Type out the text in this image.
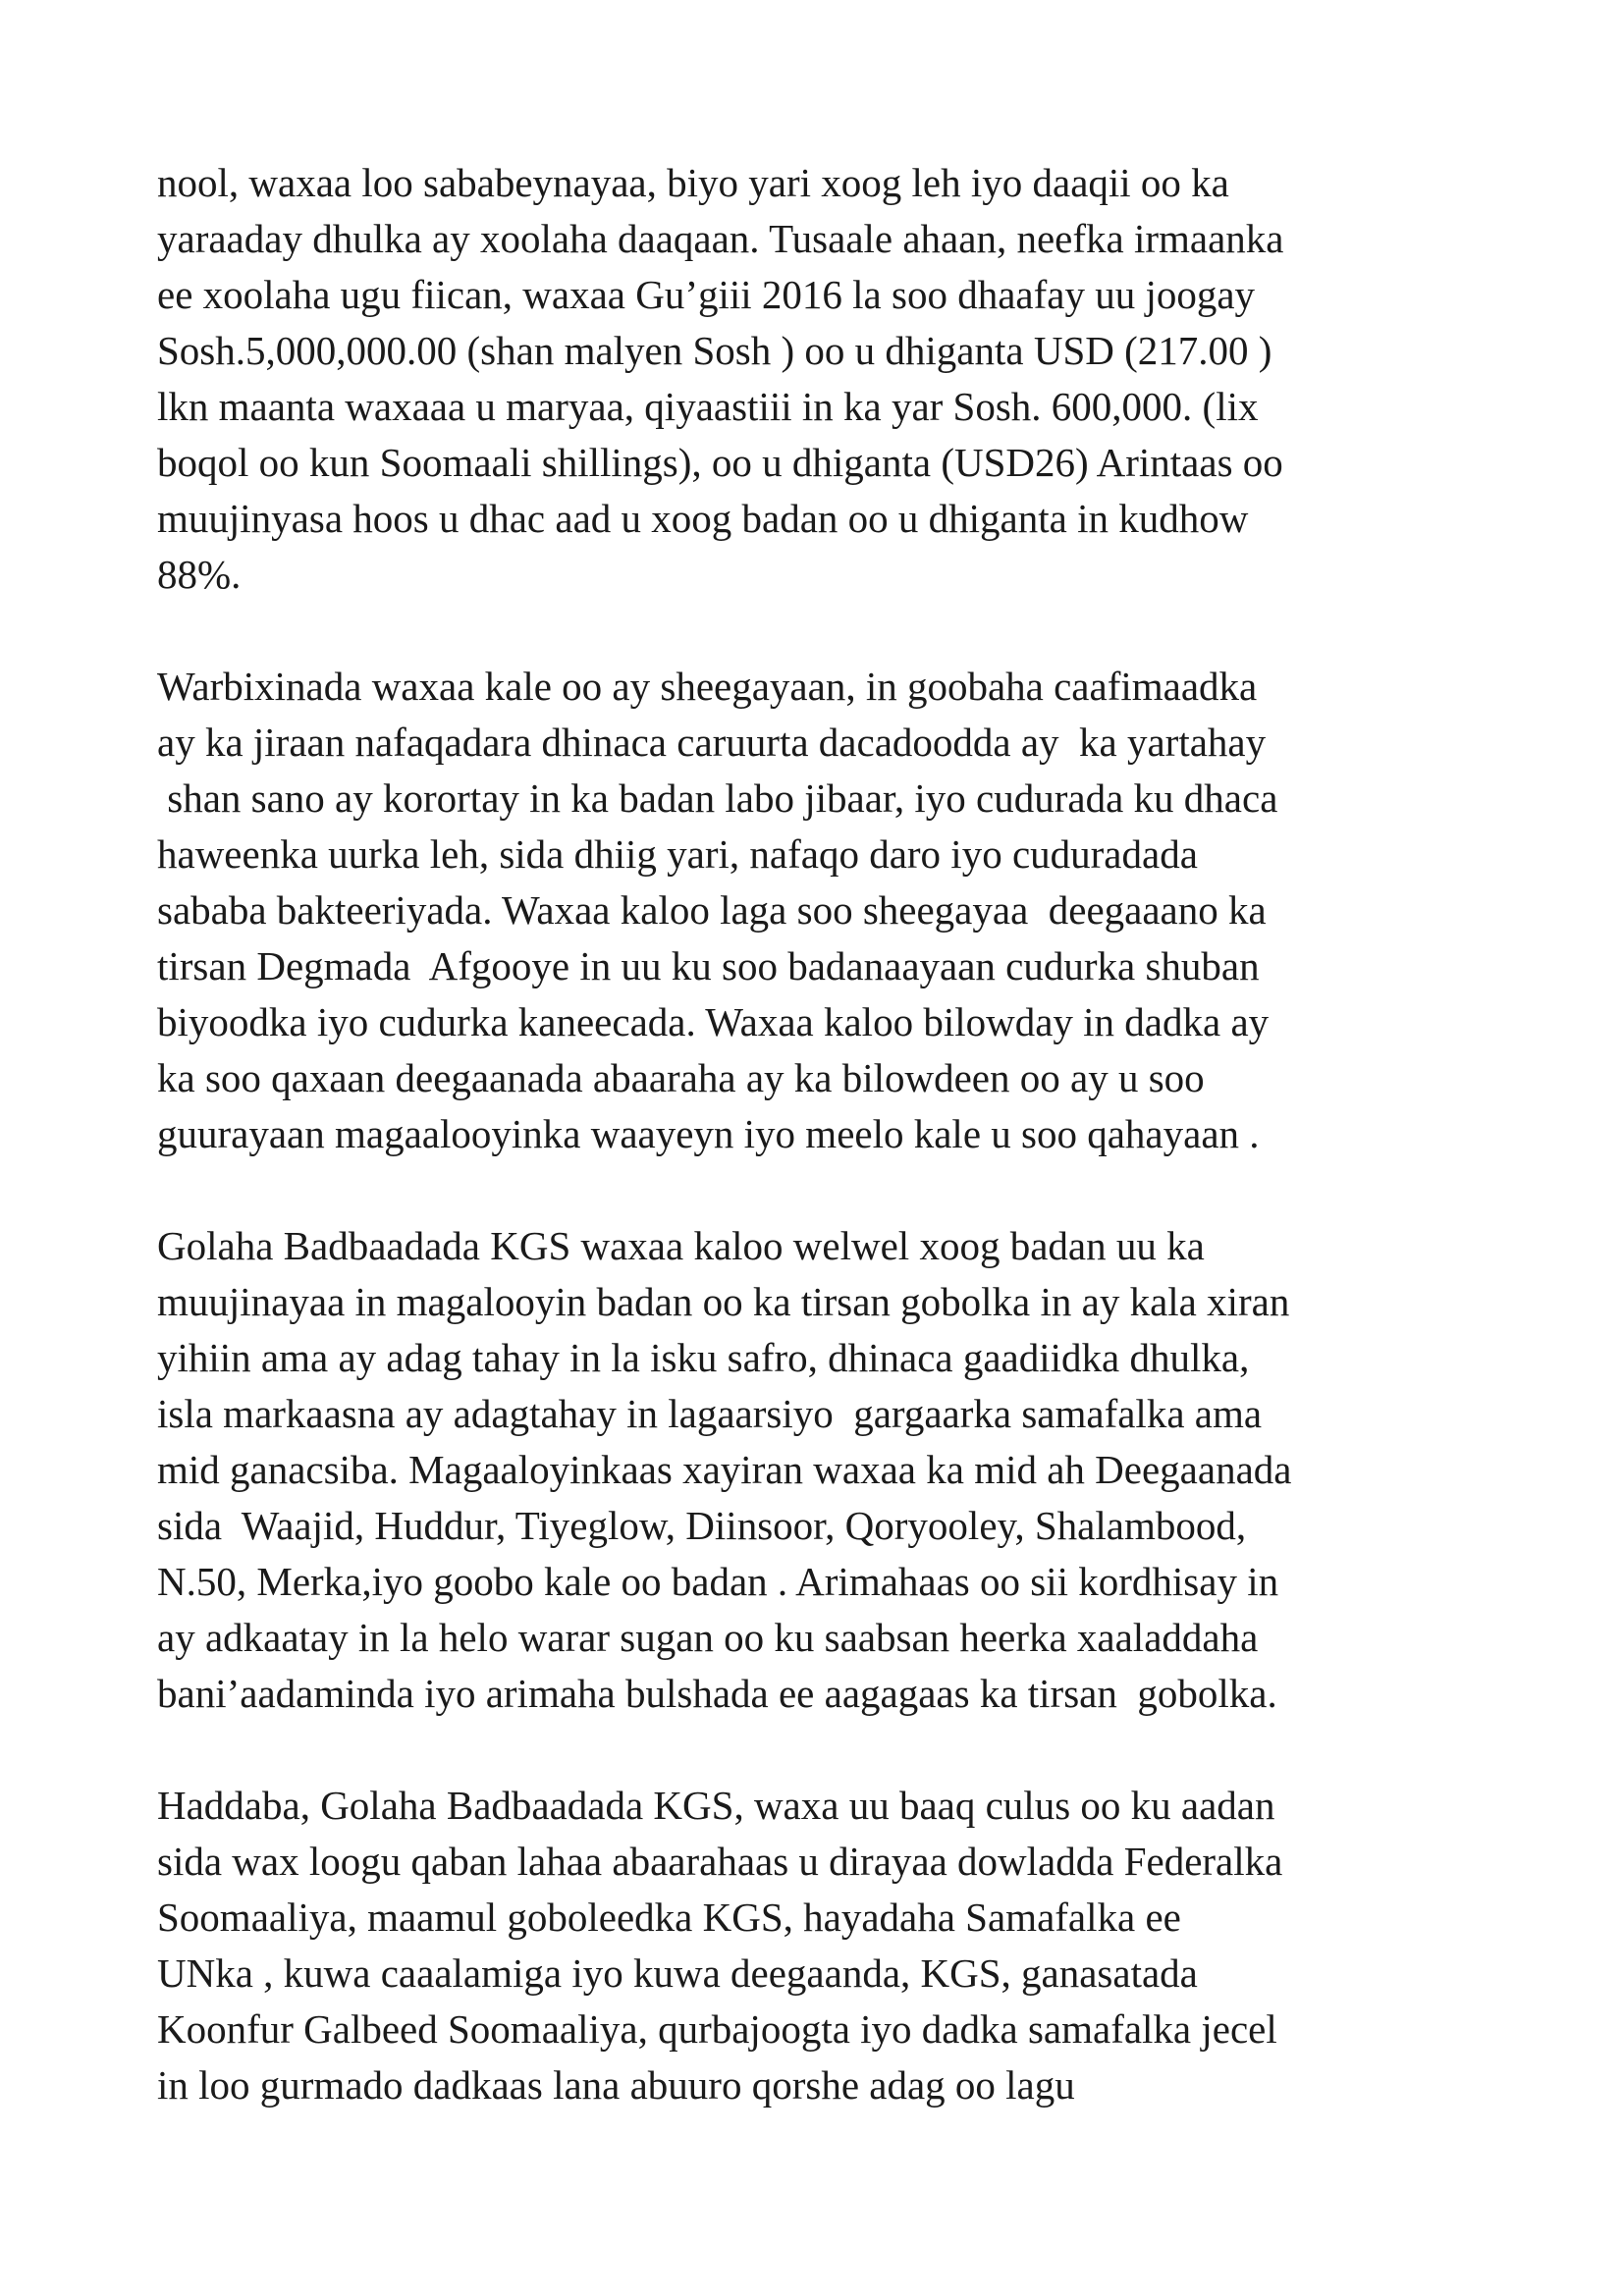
nool, waxaa loo sababeynayaa, biyo yari xoog leh iyo daaqii oo ka
yaraaday dhulka ay xoolaha daaqaan. Tusaale ahaan, neefka irmaanka
ee xoolaha ugu fiican, waxaa Gu’giii 2016 la soo dhaafay uu joogay
Sosh.5,000,000.00 (shan malyen Sosh ) oo u dhiganta USD (217.00 )
lkn maanta waxaaa u maryaa, qiyaastiii in ka yar Sosh. 600,000. (lix
boqol oo kun Soomaali shillings), oo u dhiganta (USD26) Arintaas oo
muujinyasa hoos u dhac aad u xoog badan oo u dhiganta in kudhow
88%.

Warbixinada waxaa kale oo ay sheegayaan, in goobaha caafimaadka
ay ka jiraan nafaqadara dhinaca caruurta dacadoodda ay  ka yartahay
shan sano ay korortay in ka badan labo jibaar, iyo cudurada ku dhaca
haweenka uurka leh, sida dhiig yari, nafaqo daro iyo cuduradada
sababa bakteeriyada. Waxaa kaloo laga soo sheegayaa  deegaaano ka
tirsan Degmada  Afgooye in uu ku soo badanaayaan cudurka shuban
biyoodka iyo cudurka kaneecada. Waxaa kaloo bilowday in dadka ay
ka soo qaxaan deegaanada abaaraha ay ka bilowdeen oo ay u soo
guurayaan magaalooyinka waayeyn iyo meelo kale u soo qahayaan .

Golaha Badbaadada KGS waxaa kaloo welwel xoog badan uu ka
muujinayaa in magalooyin badan oo ka tirsan gobolka in ay kala xiran
yihiin ama ay adag tahay in la isku safro, dhinaca gaadiidka dhulka,
isla markaasna ay adagtahay in lagaarsiyo  gargaarka samafalka ama
mid ganacsiba. Magaaloyinkaas xayiran waxaa ka mid ah Deegaanada
sida  Waajid, Huddur, Tiyeglow, Diinsoor, Qoryooley, Shalambood,
N.50, Merka,iyo goobo kale oo badan . Arimahaas oo sii kordhisay in
ay adkaatay in la helo warar sugan oo ku saabsan heerka xaaladdaha
bani’aadaminda iyo arimaha bulshada ee aagagaas ka tirsan  gobolka.

Haddaba, Golaha Badbaadada KGS, waxa uu baaq culus oo ku aadan
sida wax loogu qaban lahaa abaarahaas u dirayaa dowladda Federalka
Soomaaliya, maamul goboleedka KGS, hayadaha Samafalka ee
UNka , kuwa caaalamiga iyo kuwa deegaanda, KGS, ganasatada
Koonfur Galbeed Soomaaliya, qurbajoogta iyo dadka samafalka jecel
in loo gurmado dadkaas lana abuuro qorshe adag oo lagu
